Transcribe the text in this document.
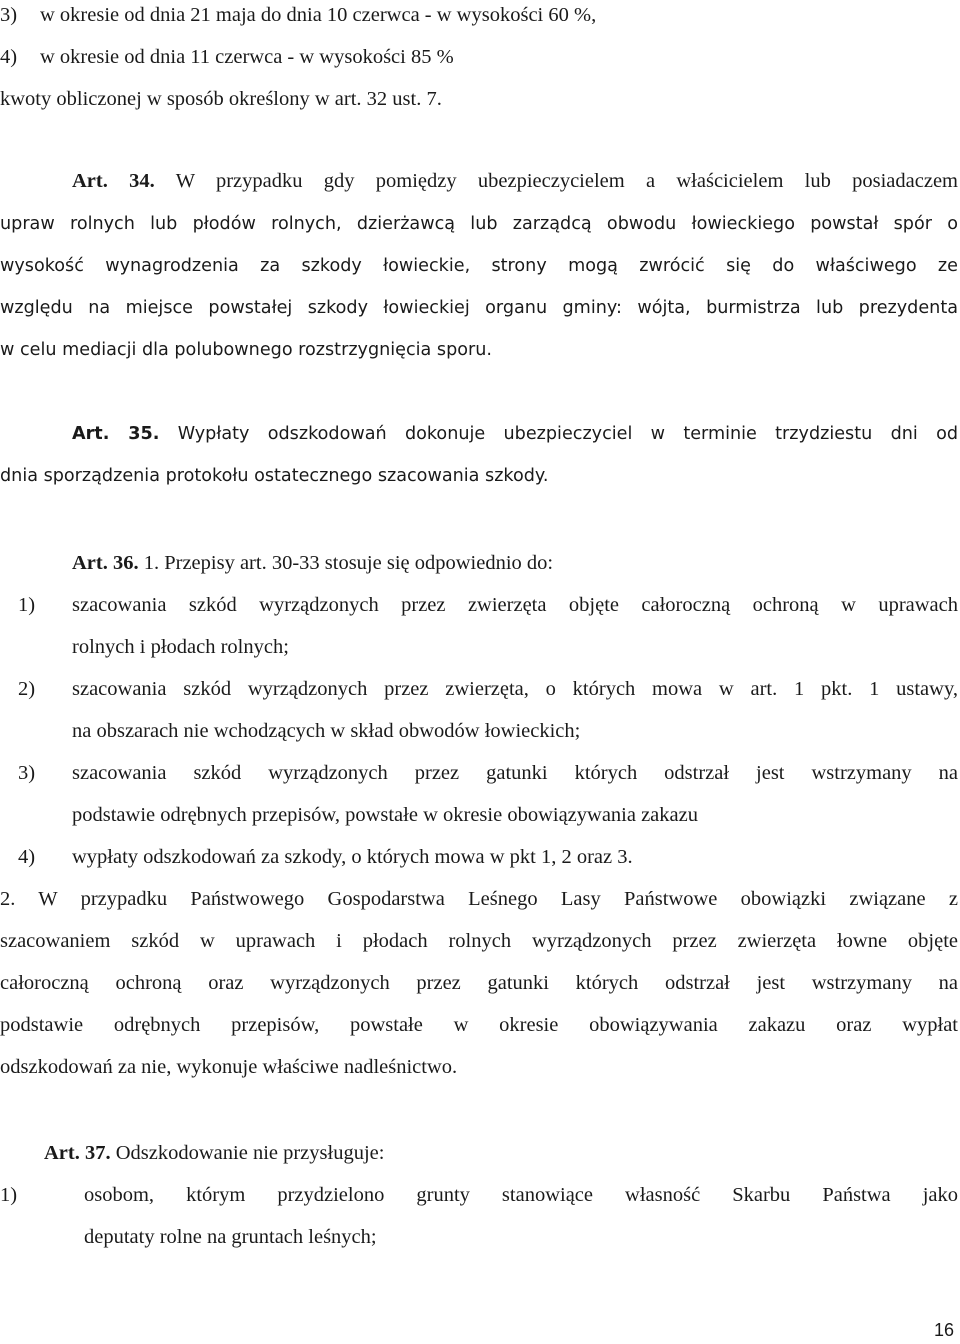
3) w okresie od dnia 21 maja do dnia 10 czerwca - w wysokości 60 %,
4) w okresie od dnia 11 czerwca - w wysokości 85 %
kwoty obliczonej w sposób określony w art. 32 ust. 7.
Art. 34. W przypadku gdy pomiędzy ubezpieczycielem a właścicielem lub posiadaczem
upraw rolnych lub płodów rolnych, dzierżawcą lub zarządcą obwodu łowieckiego powstał spór o
wysokość wynagrodzenia za szkody łowieckie, strony mogą zwrócić się do właściwego ze
względu na miejsce powstałej szkody łowieckiej organu gminy: wójta, burmistrza lub prezydenta
w celu mediacji dla polubownego rozstrzygnięcia sporu.
Art. 35. Wypłaty odszkodowań dokonuje ubezpieczyciel w terminie trzydziestu dni od
dnia sporządzenia protokołu ostatecznego szacowania szkody.
Art. 36. 1. Przepisy art. 30-33 stosuje się odpowiednio do:
1) szacowania szkód wyrządzonych przez zwierzęta objęte całoroczną ochroną w uprawach
rolnych i płodach rolnych;
2) szacowania szkód wyrządzonych przez zwierzęta, o których mowa w art. 1 pkt. 1 ustawy,
na obszarach nie wchodzących w skład obwodów łowieckich;
3) szacowania szkód wyrządzonych przez gatunki których odstrzał jest wstrzymany na
podstawie odrębnych przepisów, powstałe w okresie obowiązywania zakazu
4) wypłaty odszkodowań za szkody, o których mowa w pkt 1, 2 oraz 3.
2. W przypadku Państwowego Gospodarstwa Leśnego Lasy Państwowe obowiązki związane z
szacowaniem szkód w uprawach i płodach rolnych wyrządzonych przez zwierzęta łowne objęte
całoroczną ochroną oraz wyrządzonych przez gatunki których odstrzał jest wstrzymany na
podstawie odrębnych przepisów, powstałe w okresie obowiązywania zakazu oraz wypłat
odszkodowań za nie, wykonuje właściwe nadleśnictwo.
Art. 37. Odszkodowanie nie przysługuje:
1)	osobom, którym przydzielono grunty stanowiące własność Skarbu Państwa jako
deputaty rolne na gruntach leśnych;
16
